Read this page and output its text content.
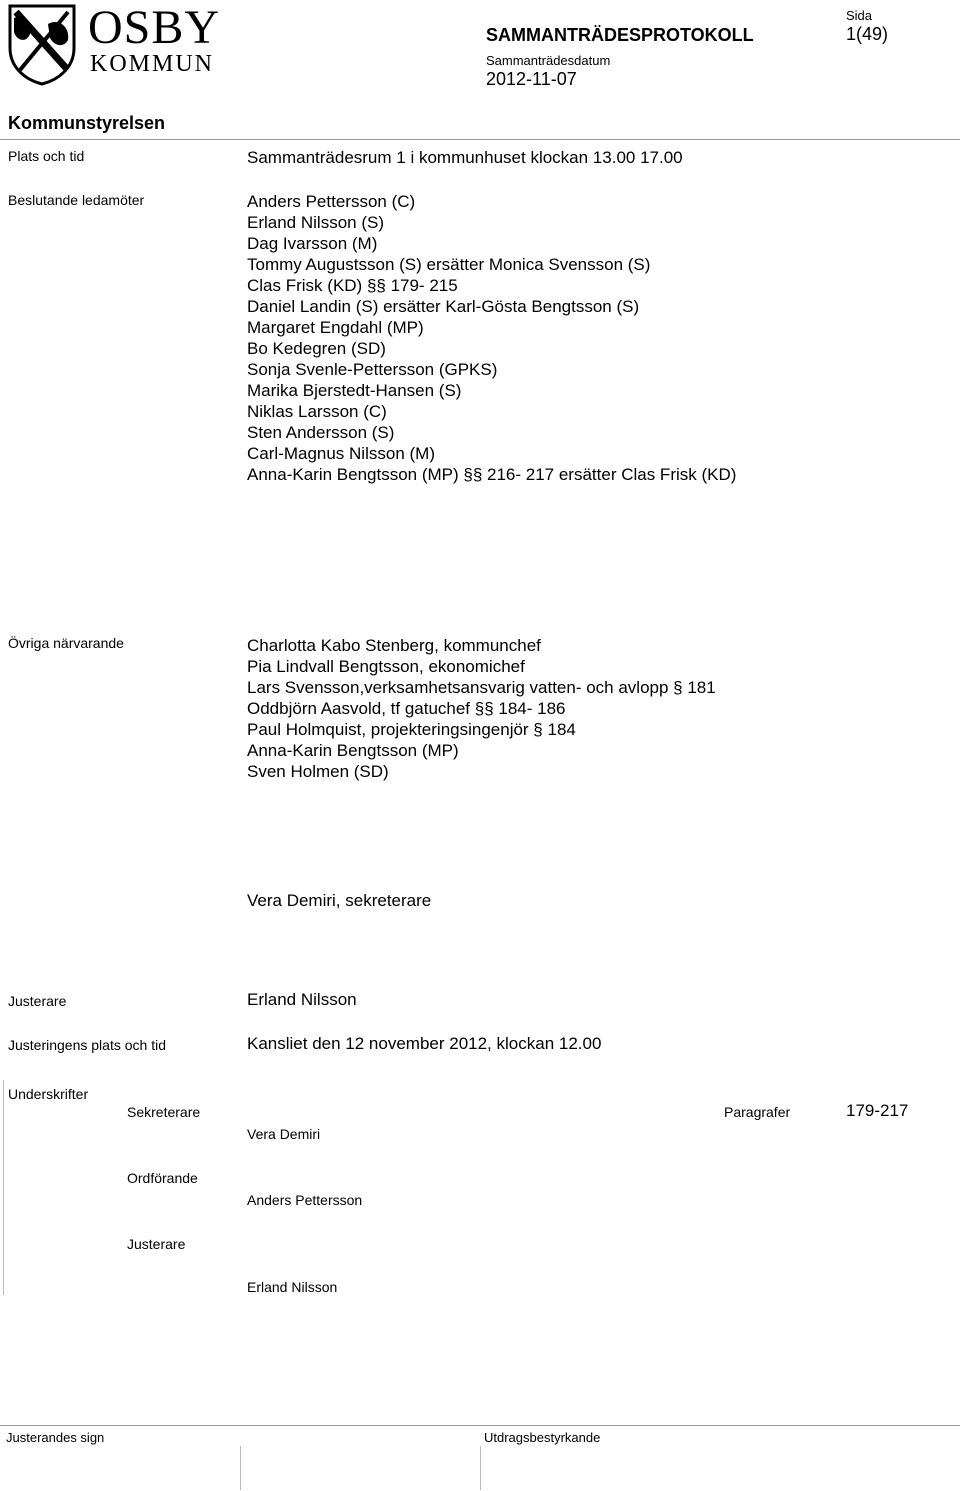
OSBY
KOMMUN
SAMMANTRÄDESPROTOKOLL
Sammanträdesdatum
2012-11-07
Sida
1(49)
Kommunstyrelsen
Plats och tid	Sammanträdesrum 1 i kommunhuset klockan 13.00 17.00
Beslutande ledamöter	Anders Pettersson (C)
Erland Nilsson (S)
Dag Ivarsson (M)
Tommy Augustsson (S) ersätter Monica Svensson (S)
Clas Frisk (KD) §§ 179- 215
Daniel Landin (S) ersätter Karl-Gösta Bengtsson (S)
Margaret Engdahl (MP)
Bo Kedegren (SD)
Sonja Svenle-Pettersson (GPKS)
Marika Bjerstedt-Hansen (S)
Niklas Larsson (C)
Sten Andersson (S)
Carl-Magnus Nilsson (M)
Anna-Karin Bengtsson (MP) §§ 216- 217 ersätter Clas Frisk (KD)
Övriga närvarande	Charlotta Kabo Stenberg, kommunchef
Pia Lindvall Bengtsson, ekonomichef
Lars Svensson,verksamhetsansvarig vatten- och avlopp § 181
Oddbjörn Aasvold, tf gatuchef §§ 184- 186
Paul Holmquist, projekteringsingenjör § 184
Anna-Karin Bengtsson (MP)
Sven Holmen (SD)
Vera Demiri, sekreterare
Justerare	Erland Nilsson
Justeringens plats och tid	Kansliet den 12 november 2012, klockan 12.00
Underskrifter
Sekreterare
Vera Demiri
Paragrafer	179-217
Ordförande
Anders Pettersson
Justerare
Erland Nilsson
Justerandes sign	Utdragsbestyrkande
